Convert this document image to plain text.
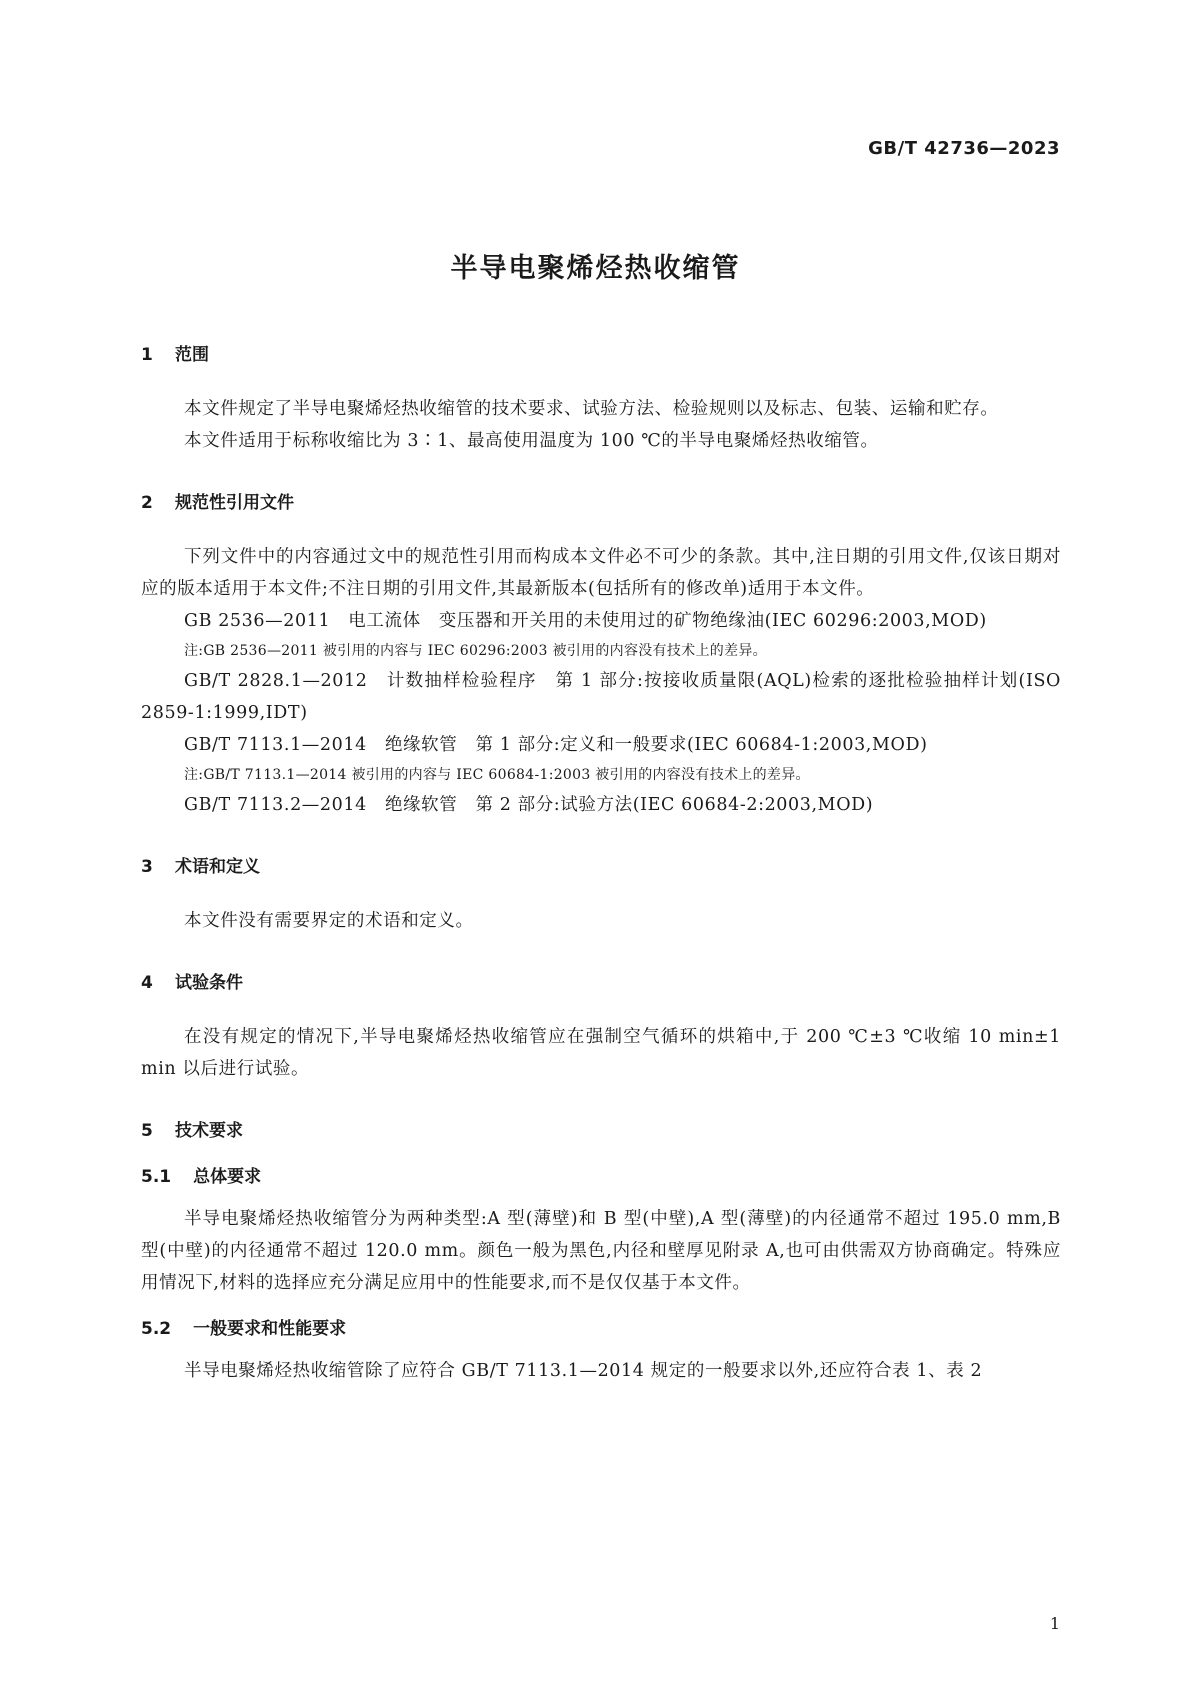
GB/T 42736—2023
半导电聚烯烃热收缩管
1 范围

本文件规定了半导电聚烯烃热收缩管的技术要求、试验方法、检验规则以及标志、包装、运输和贮存。

本文件适用于标称收缩比为 3∶1、最高使用温度为 100 ℃的半导电聚烯烃热收缩管。

2 规范性引用文件

下列文件中的内容通过文中的规范性引用而构成本文件必不可少的条款。其中,注日期的引用文件,仅该日期对应的版本适用于本文件;不注日期的引用文件,其最新版本(包括所有的修改单)适用于本文件。

GB 2536—2011　电工流体　变压器和开关用的未使用过的矿物绝缘油(IEC 60296:2003,MOD)

注:GB 2536—2011 被引用的内容与 IEC 60296:2003 被引用的内容没有技术上的差异。

GB/T 2828.1—2012　计数抽样检验程序　第 1 部分:按接收质量限(AQL)检索的逐批检验抽样计划(ISO 2859-1:1999,IDT)

GB/T 7113.1—2014　绝缘软管　第 1 部分:定义和一般要求(IEC 60684-1:2003,MOD)

注:GB/T 7113.1—2014 被引用的内容与 IEC 60684-1:2003 被引用的内容没有技术上的差异。

GB/T 7113.2—2014　绝缘软管　第 2 部分:试验方法(IEC 60684-2:2003,MOD)

3 术语和定义

本文件没有需要界定的术语和定义。

4 试验条件

在没有规定的情况下,半导电聚烯烃热收缩管应在强制空气循环的烘箱中,于 200 ℃±3 ℃收缩 10 min±1 min 以后进行试验。

5 技术要求
5.1 总体要求

半导电聚烯烃热收缩管分为两种类型:A 型(薄壁)和 B 型(中壁),A 型(薄壁)的内径通常不超过 195.0 mm,B 型(中壁)的内径通常不超过 120.0 mm。颜色一般为黑色,内径和壁厚见附录 A,也可由供需双方协商确定。特殊应用情况下,材料的选择应充分满足应用中的性能要求,而不是仅仅基于本文件。

5.2 一般要求和性能要求

半导电聚烯烃热收缩管除了应符合 GB/T 7113.1—2014 规定的一般要求以外,还应符合表 1、表 2

1
